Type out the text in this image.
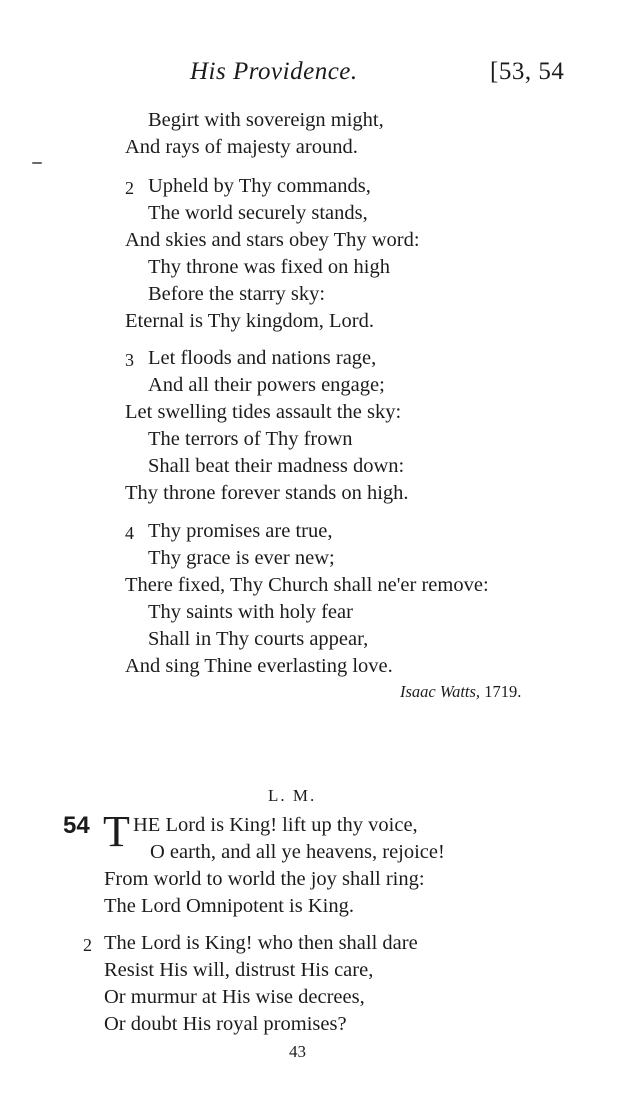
His Providence.	[53, 54
Begirt with sovereign might,
And rays of majesty around.
2 Upheld by Thy commands,
The world securely stands,
And skies and stars obey Thy word:
Thy throne was fixed on high
Before the starry sky:
Eternal is Thy kingdom, Lord.
3 Let floods and nations rage,
And all their powers engage;
Let swelling tides assault the sky:
The terrors of Thy frown
Shall beat their madness down:
Thy throne forever stands on high.
4 Thy promises are true,
Thy grace is ever new;
There fixed, Thy Church shall ne'er remove:
Thy saints with holy fear
Shall in Thy courts appear,
And sing Thine everlasting love.
Isaac Watts, 1719.
L. M.
54 T HE Lord is King! lift up thy voice,
O earth, and all ye heavens, rejoice!
From world to world the joy shall ring:
The Lord Omnipotent is King.
2 The Lord is King! who then shall dare
Resist His will, distrust His care,
Or murmur at His wise decrees,
Or doubt His royal promises?
43
